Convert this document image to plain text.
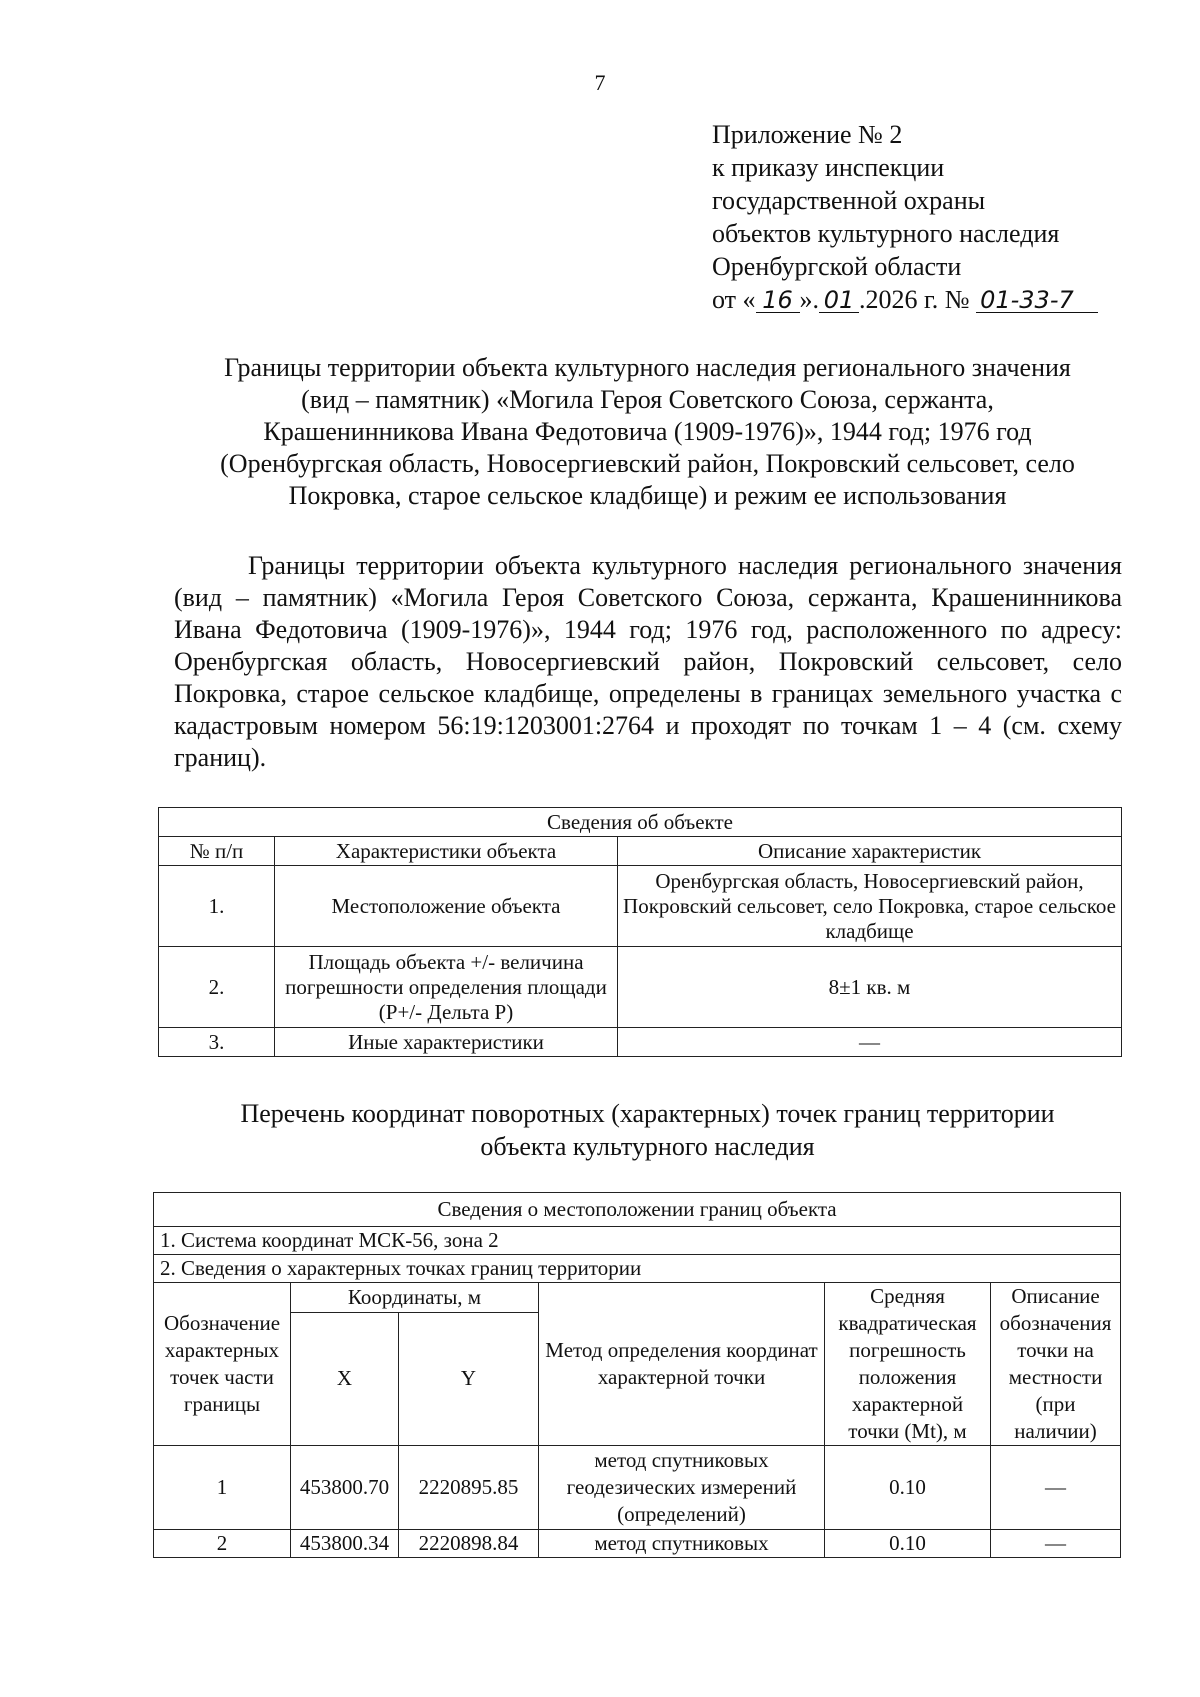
7
Приложение № 2
к приказу инспекции
государственной охраны
объектов культурного наследия
Оренбургской области
от « 16 ». 01 .2026 г. № 01-33-7
Границы территории объекта культурного наследия регионального значения
(вид – памятник) «Могила Героя Советского Союза, сержанта,
Крашенинникова Ивана Федотовича (1909-1976)», 1944 год; 1976 год
(Оренбургская область, Новосергиевский район, Покровский сельсовет, село
Покровка, старое сельское кладбище) и режим ее использования

Границы территории объекта культурного наследия регионального значения (вид – памятник) «Могила Героя Советского Союза, сержанта, Крашенинникова Ивана Федотовича (1909-1976)», 1944 год; 1976 год, расположенного по адресу: Оренбургская область, Новосергиевский район, Покровский сельсовет, село Покровка, старое сельское кладбище, определены в границах земельного участка с кадастровым номером 56:19:1203001:2764 и проходят по точкам 1 – 4 (см. схему границ).

Сведения об объекте		
№ п/п	Характеристики объекта	Описание характеристик
1.	Местоположение объекта	Оренбургская область, Новосергиевский район, Покровский сельсовет, село Покровка, старое сельское кладбище
2.	Площадь объекта +/- величина погрешности определения площади (P+/- Дельта P)	8±1 кв. м
3.	Иные характеристики	—
Перечень координат поворотных (характерных) точек границ территории
объекта культурного наследия
Сведения о местоположении границ объекта					
1. Система координат МСК-56, зона 2					
2. Сведения о характерных точках границ территории					
Обозначение характерных точек части границы	Координаты, м		Метод определения координат характерной точки	Средняя квадратическая погрешность положения характерной точки (Mt), м	Описание обозначения точки на местности (при наличии)
	X	Y			
1	453800.70	2220895.85	метод спутниковых геодезических измерений (определений)	0.10	—
2	453800.34	2220898.84	метод спутниковых	0.10	—
